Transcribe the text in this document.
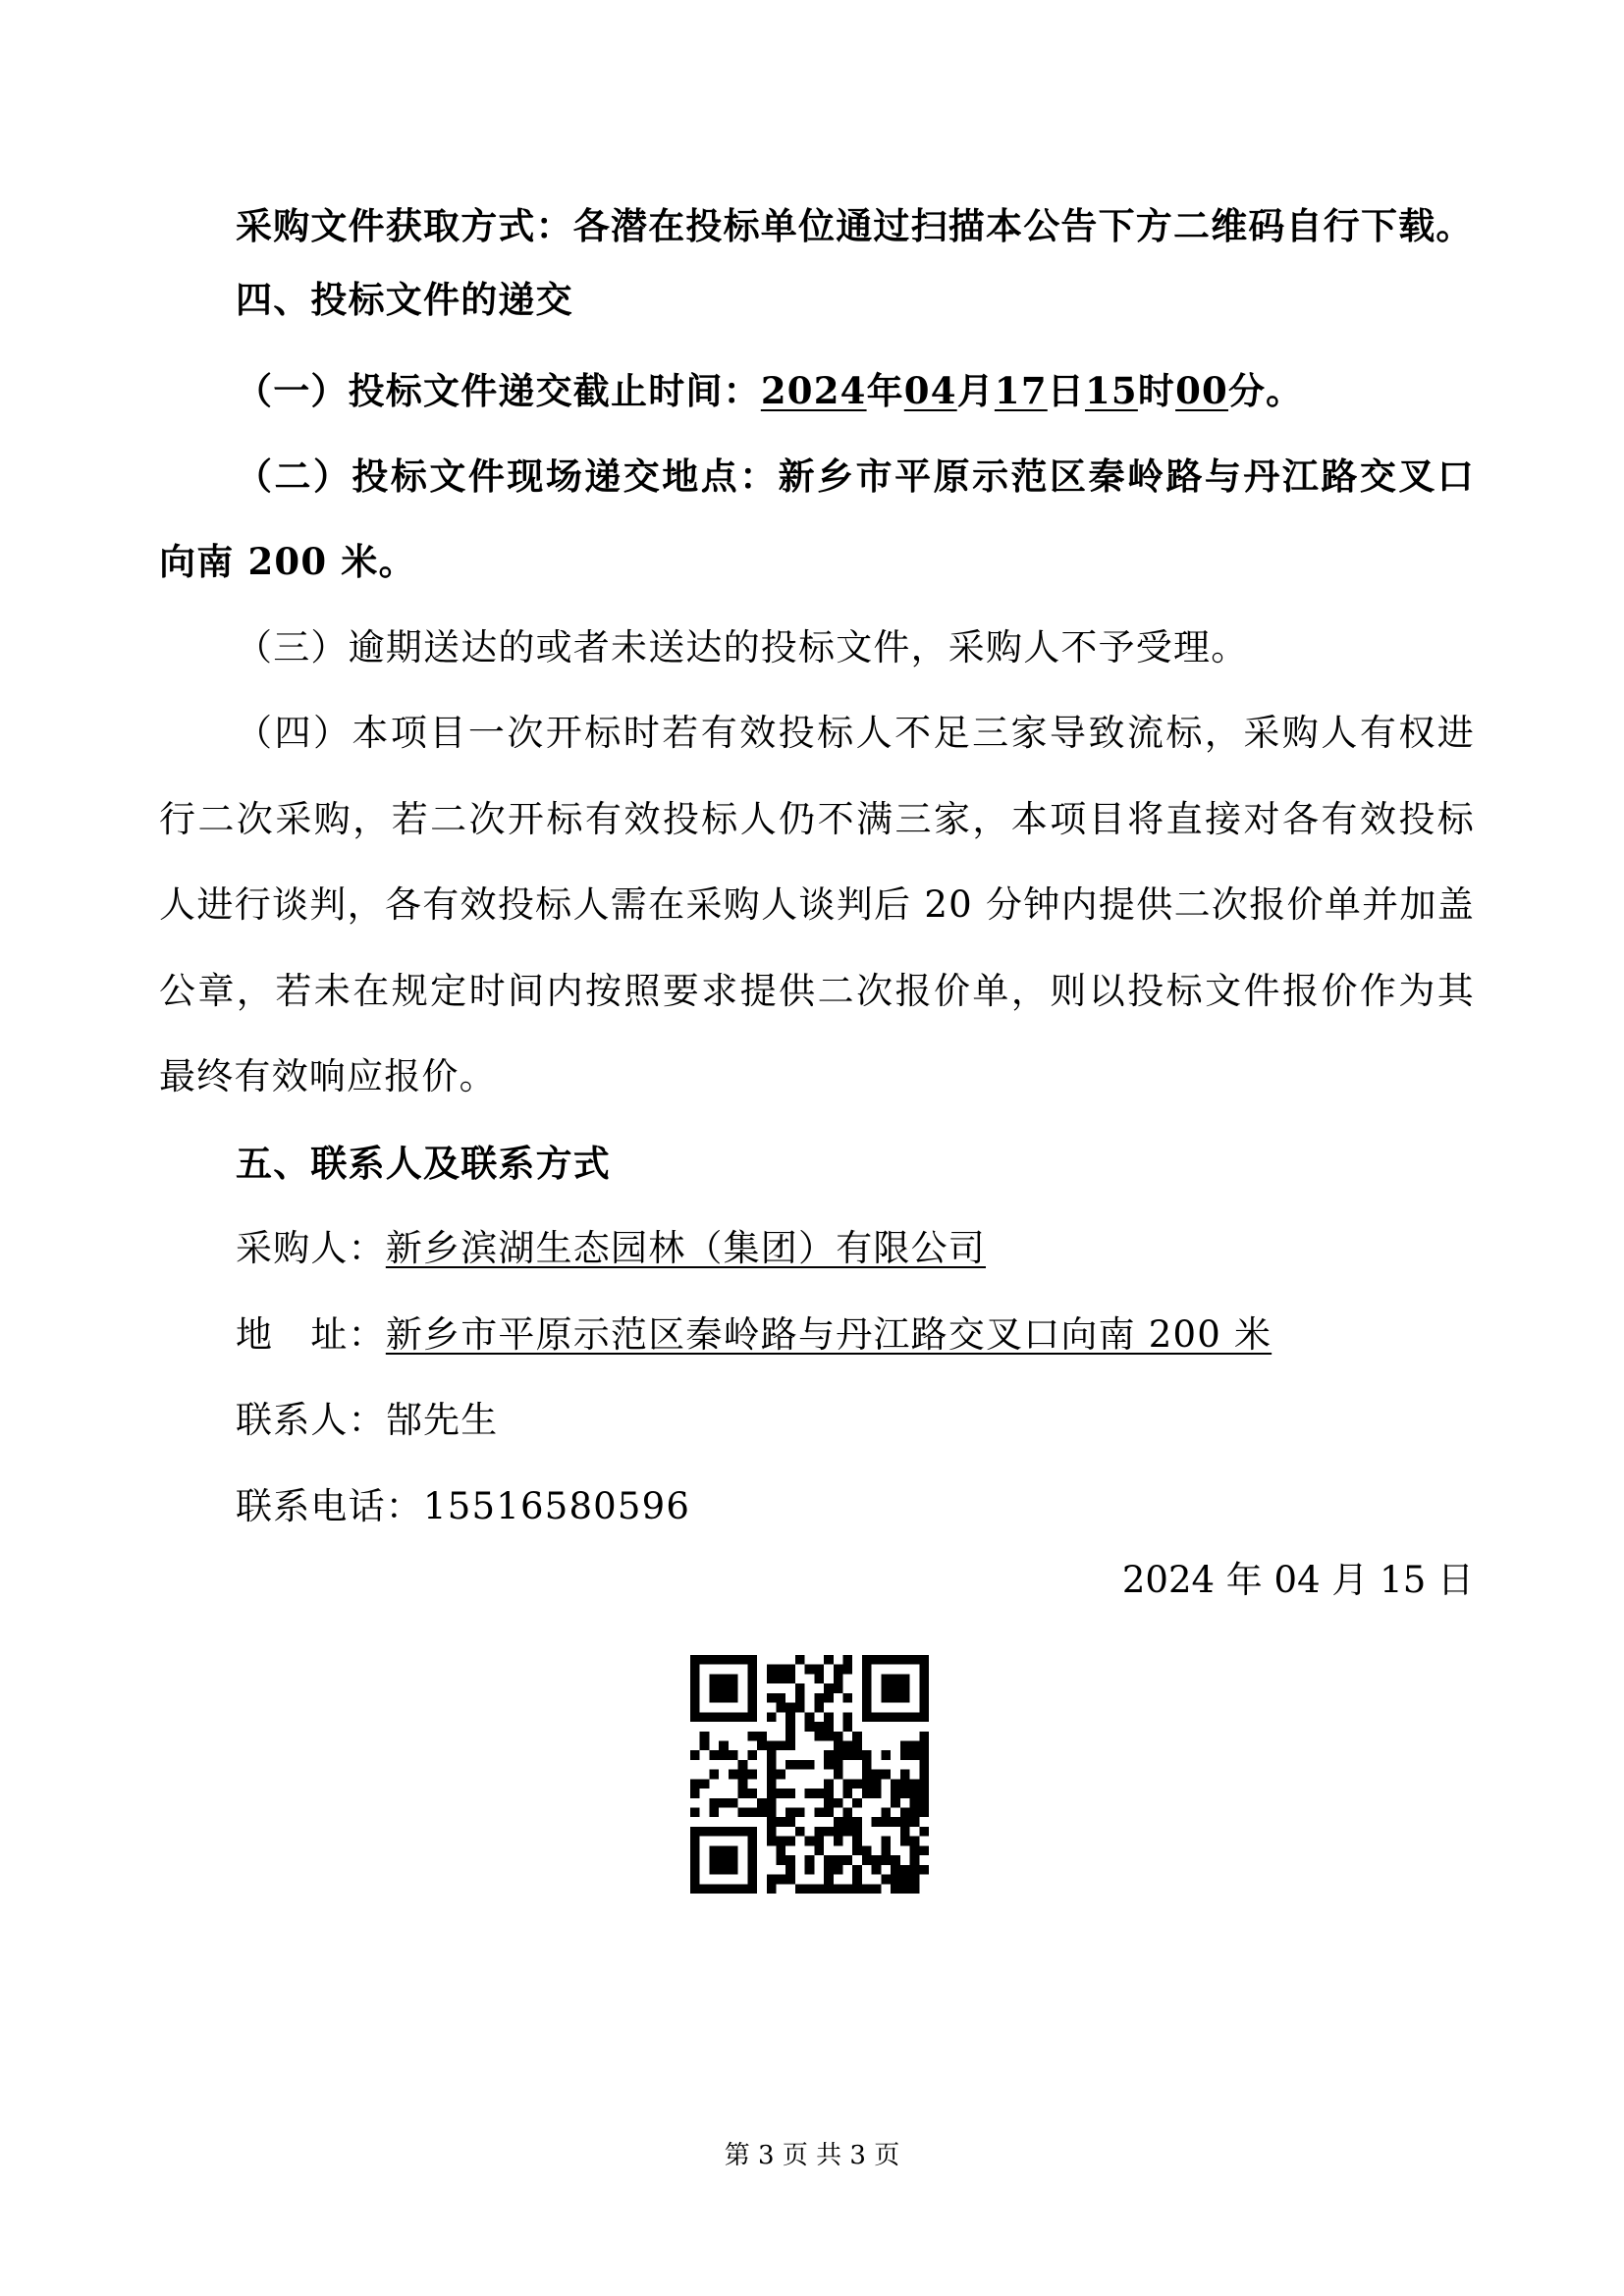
采购文件获取方式：各潜在投标单位通过扫描本公告下方二维码自行下载。
四、投标文件的递交
（一）投标文件递交截止时间：2024年04月17日15时00分。
（二）投标文件现场递交地点：新乡市平原示范区秦岭路与丹江路交叉口
向南 200 米。
（三）逾期送达的或者未送达的投标文件，采购人不予受理。
（四）本项目一次开标时若有效投标人不足三家导致流标，采购人有权进
行二次采购，若二次开标有效投标人仍不满三家，本项目将直接对各有效投标
人进行谈判，各有效投标人需在采购人谈判后 20 分钟内提供二次报价单并加盖
公章，若未在规定时间内按照要求提供二次报价单，则以投标文件报价作为其
最终有效响应报价。
五、联系人及联系方式
采购人：新乡滨湖生态园林（集团）有限公司
地　址：新乡市平原示范区秦岭路与丹江路交叉口向南 200 米
联系人：郜先生
联系电话：15516580596
2024 年 04 月 15 日
第 3 页 共 3 页
